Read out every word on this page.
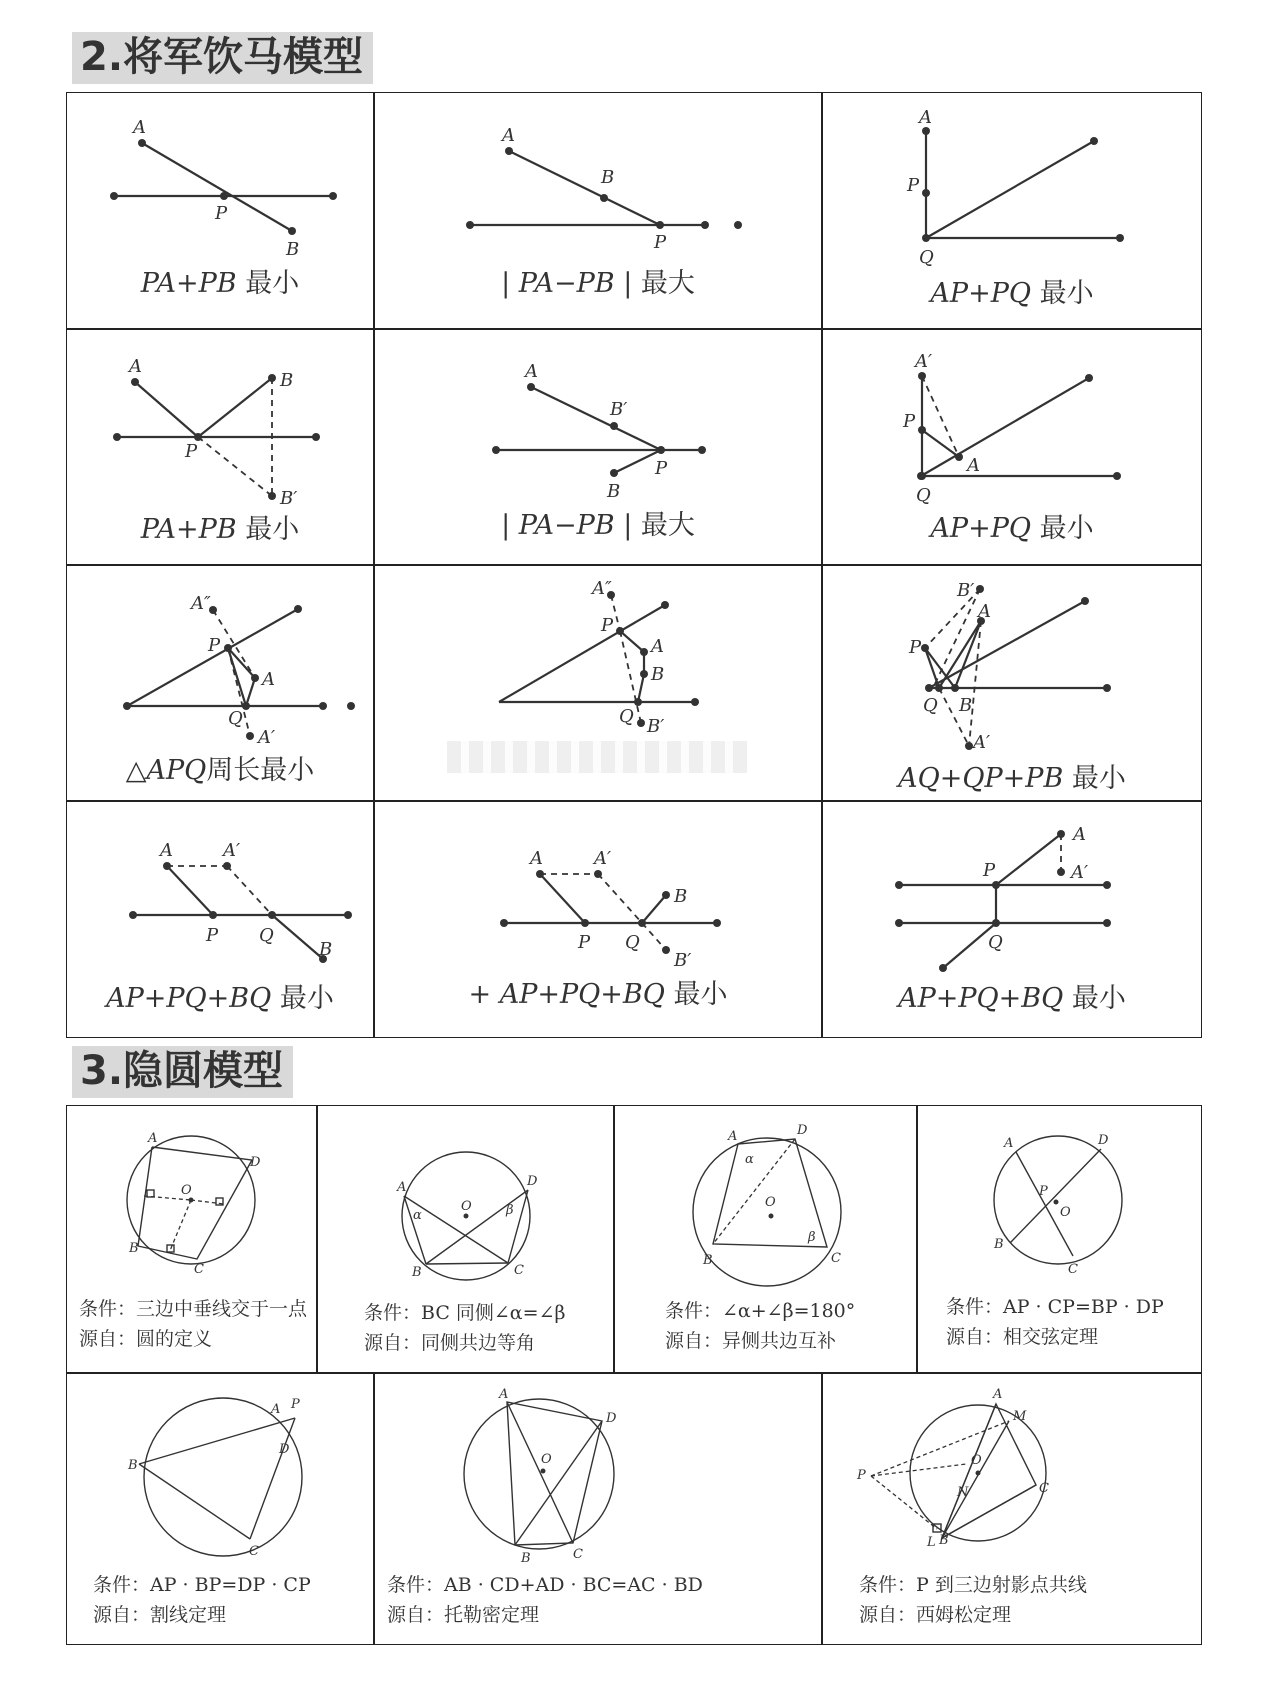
2.将军饮马模型
A
P
B
PA+PB 最小
A
B
P
| PA−PB | 最大
A
P
Q
AP+PQ 最小
A
B
P
B′
PA+PB 最小
A
B′
P
B
| PA−PB | 最大
A′
P
A
Q
AP+PQ 最小
A″
P
A
Q
A′
△APQ周长最小
A″
P
A
B
Q B′
B′
A
P
Q B
A′
AQ+QP+PB 最小
A	A′
P Q
B
AP+PQ+BQ 最小
A	A′
P Q
B
B′
+ AP+PQ+BQ 最小
A
A′
P
Q
AP+PQ+BQ 最小
3.隐圆模型
A
D
O
B
C
条件：三边中垂线交于一点
源自：圆的定义
A
α
O
D
β
B	C
条件：BC 同侧∠α=∠β
源自：同侧共边等角
A	D
α
O
β
B	C
条件：∠α+∠β=180°
源自：异侧共边互补
A	D
P
O
B
C
条件：AP · CP=BP · DP
源自：相交弦定理
A P
D
B
C
条件：AP · BP=DP · CP
源自：割线定理
A
D
O
B	C
条件：AB · CD+AD · BC=AC · BD
源自：托勒密定理
A
M
O
P
N	C
L B
条件：P 到三边射影点共线
源自：西姆松定理
